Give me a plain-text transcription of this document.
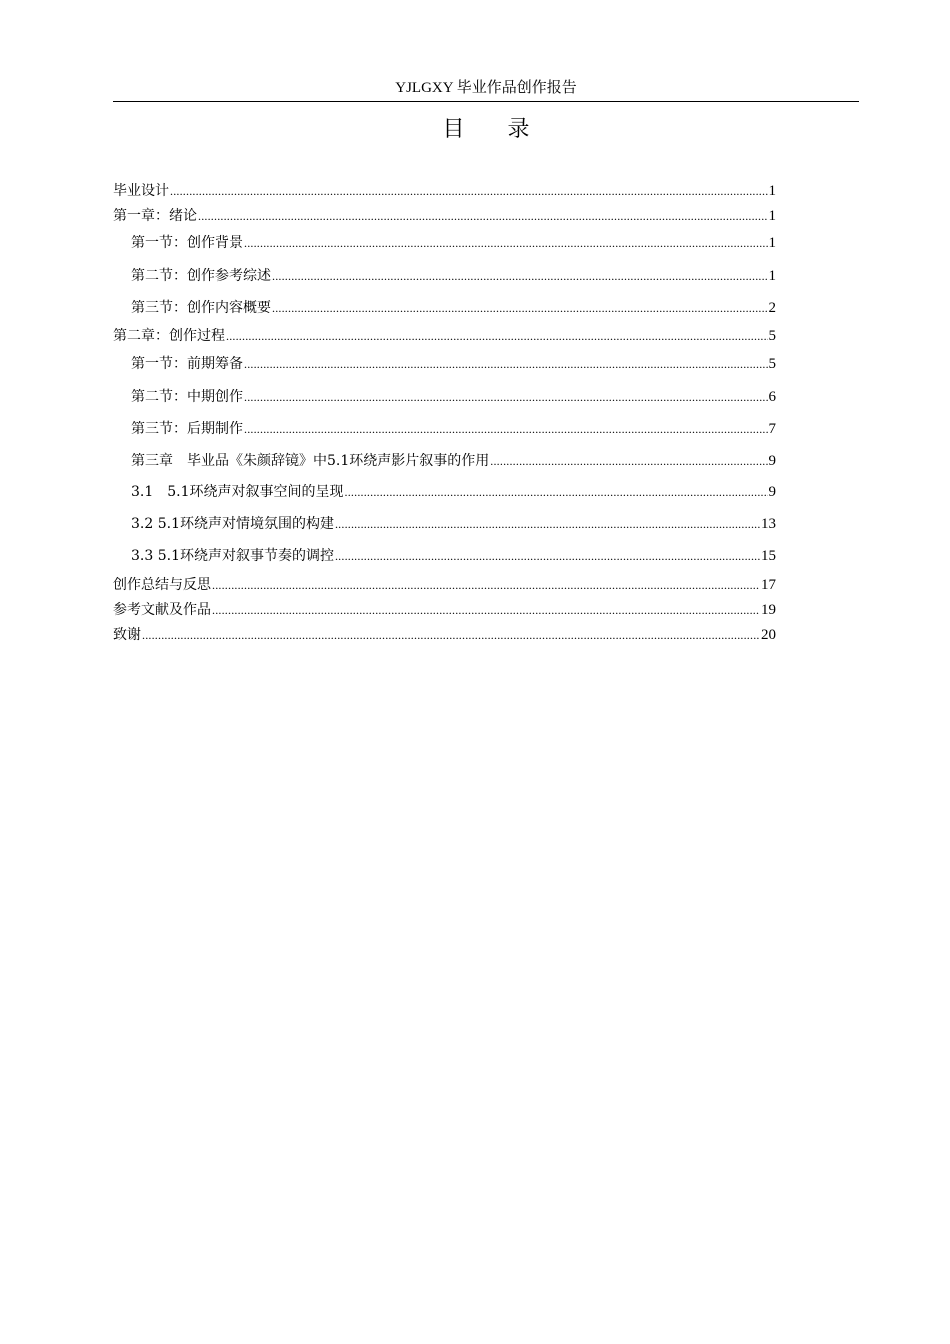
YJLGXY 毕业作品创作报告
目 录
毕业设计 .....	1
第一章：绪论 .....	1
第一节：创作背景 .....	1
第二节：创作参考综述 .....	1
第三节：创作内容概要 .....	2
第二章：创作过程 .....	5
第一节：前期筹备 .....	5
第二节：中期创作 .....	6
第三节：后期制作 .....	7
第三章　毕业品《朱颜辞镜》中5.1环绕声影片叙事的作用 .....	9
3.1　5.1环绕声对叙事空间的呈现 .....	9
3.2 5.1环绕声对情境氛围的构建 .....	13
3.3 5.1环绕声对叙事节奏的调控 .....	15
创作总结与反思 .....	17
参考文献及作品 .....	19
致谢 .....	20
